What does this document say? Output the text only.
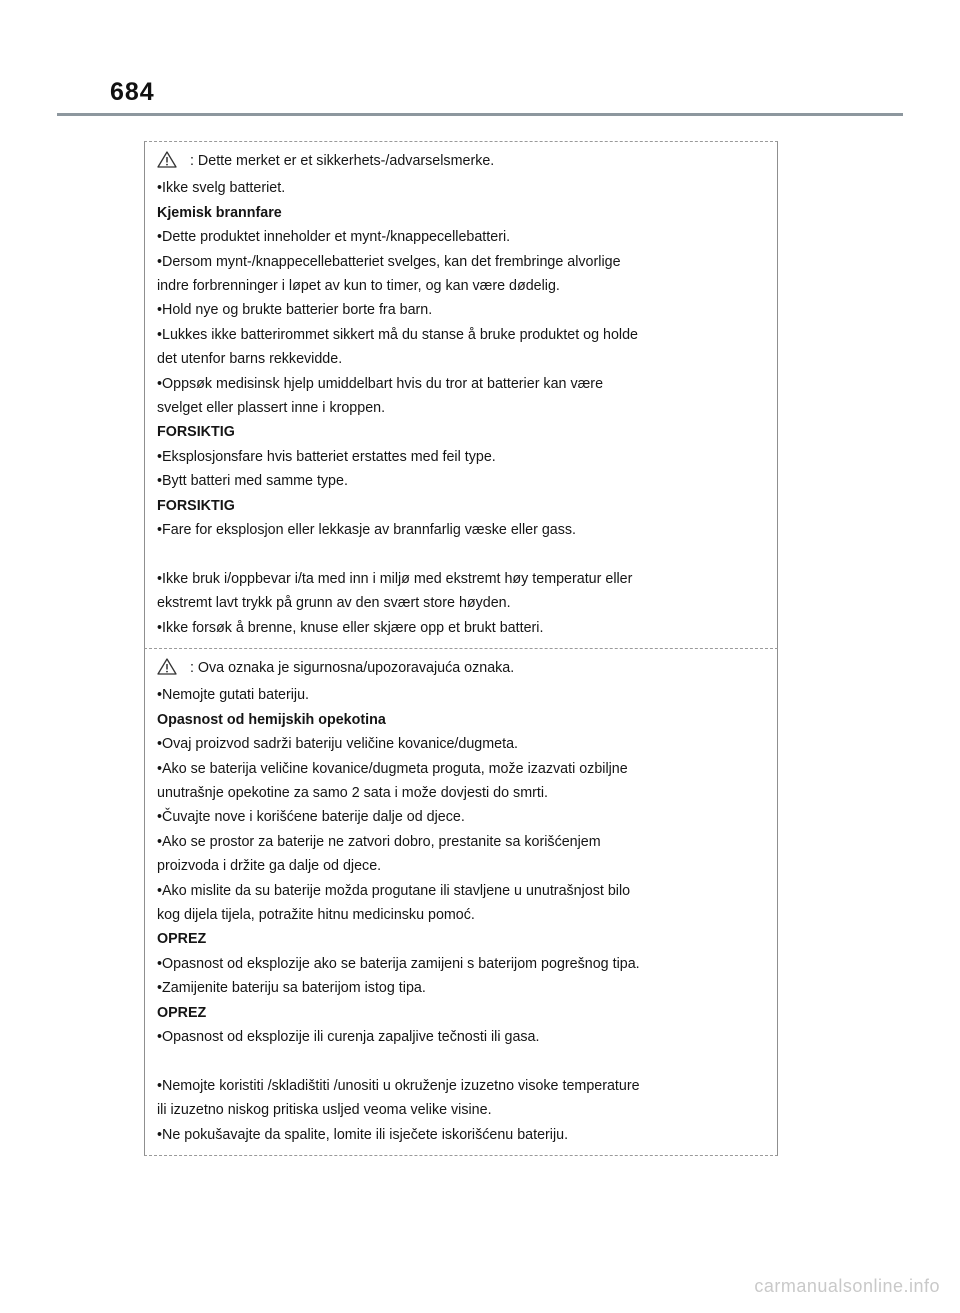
684
: Dette merket er et sikkerhets-/advarselsmerke.
•Ikke svelg batteriet.
Kjemisk brannfare
•Dette produktet inneholder et mynt-/knappecellebatteri.
•Dersom mynt-/knappecellebatteriet svelges, kan det frembringe alvorlige
indre forbrenninger i løpet av kun to timer, og kan være dødelig.
•Hold nye og brukte batterier borte fra barn.
•Lukkes ikke batterirommet sikkert må du stanse å bruke produktet og holde
det utenfor barns rekkevidde.
•Oppsøk medisinsk hjelp umiddelbart hvis du tror at batterier kan være
svelget eller plassert inne i kroppen.
FORSIKTIG
•Eksplosjonsfare hvis batteriet erstattes med feil type.
•Bytt batteri med samme type.
FORSIKTIG
•Fare for eksplosjon eller lekkasje av brannfarlig væske eller gass.
•Ikke bruk i/oppbevar i/ta med inn i miljø med ekstremt høy temperatur eller
ekstremt lavt trykk på grunn av den svært store høyden.
•Ikke forsøk å brenne, knuse eller skjære opp et brukt batteri.
: Ova oznaka je sigurnosna/upozoravajuća oznaka.
•Nemojte gutati bateriju.
Opasnost od hemijskih opekotina
•Ovaj proizvod sadrži bateriju veličine kovanice/dugmeta.
•Ako se baterija veličine kovanice/dugmeta proguta, može izazvati ozbiljne
unutrašnje opekotine za samo 2 sata i može dovjesti do smrti.
•Čuvajte nove i korišćene baterije dalje od djece.
•Ako se prostor za baterije ne zatvori dobro, prestanite sa korišćenjem
proizvoda i držite ga dalje od djece.
•Ako mislite da su baterije možda progutane ili stavljene u unutrašnjost bilo
kog dijela tijela, potražite hitnu medicinsku pomoć.
OPREZ
•Opasnost od eksplozije ako se baterija zamijeni s baterijom pogrešnog tipa.
•Zamijenite bateriju sa baterijom istog tipa.
OPREZ
•Opasnost od eksplozije ili curenja zapaljive tečnosti ili gasa.
•Nemojte koristiti /skladištiti /unositi u okruženje izuzetno visoke temperature
ili izuzetno niskog pritiska usljed veoma velike visine.
•Ne pokušavajte da spalite, lomite ili isječete iskorišćenu bateriju.
carmanualsonline.info
